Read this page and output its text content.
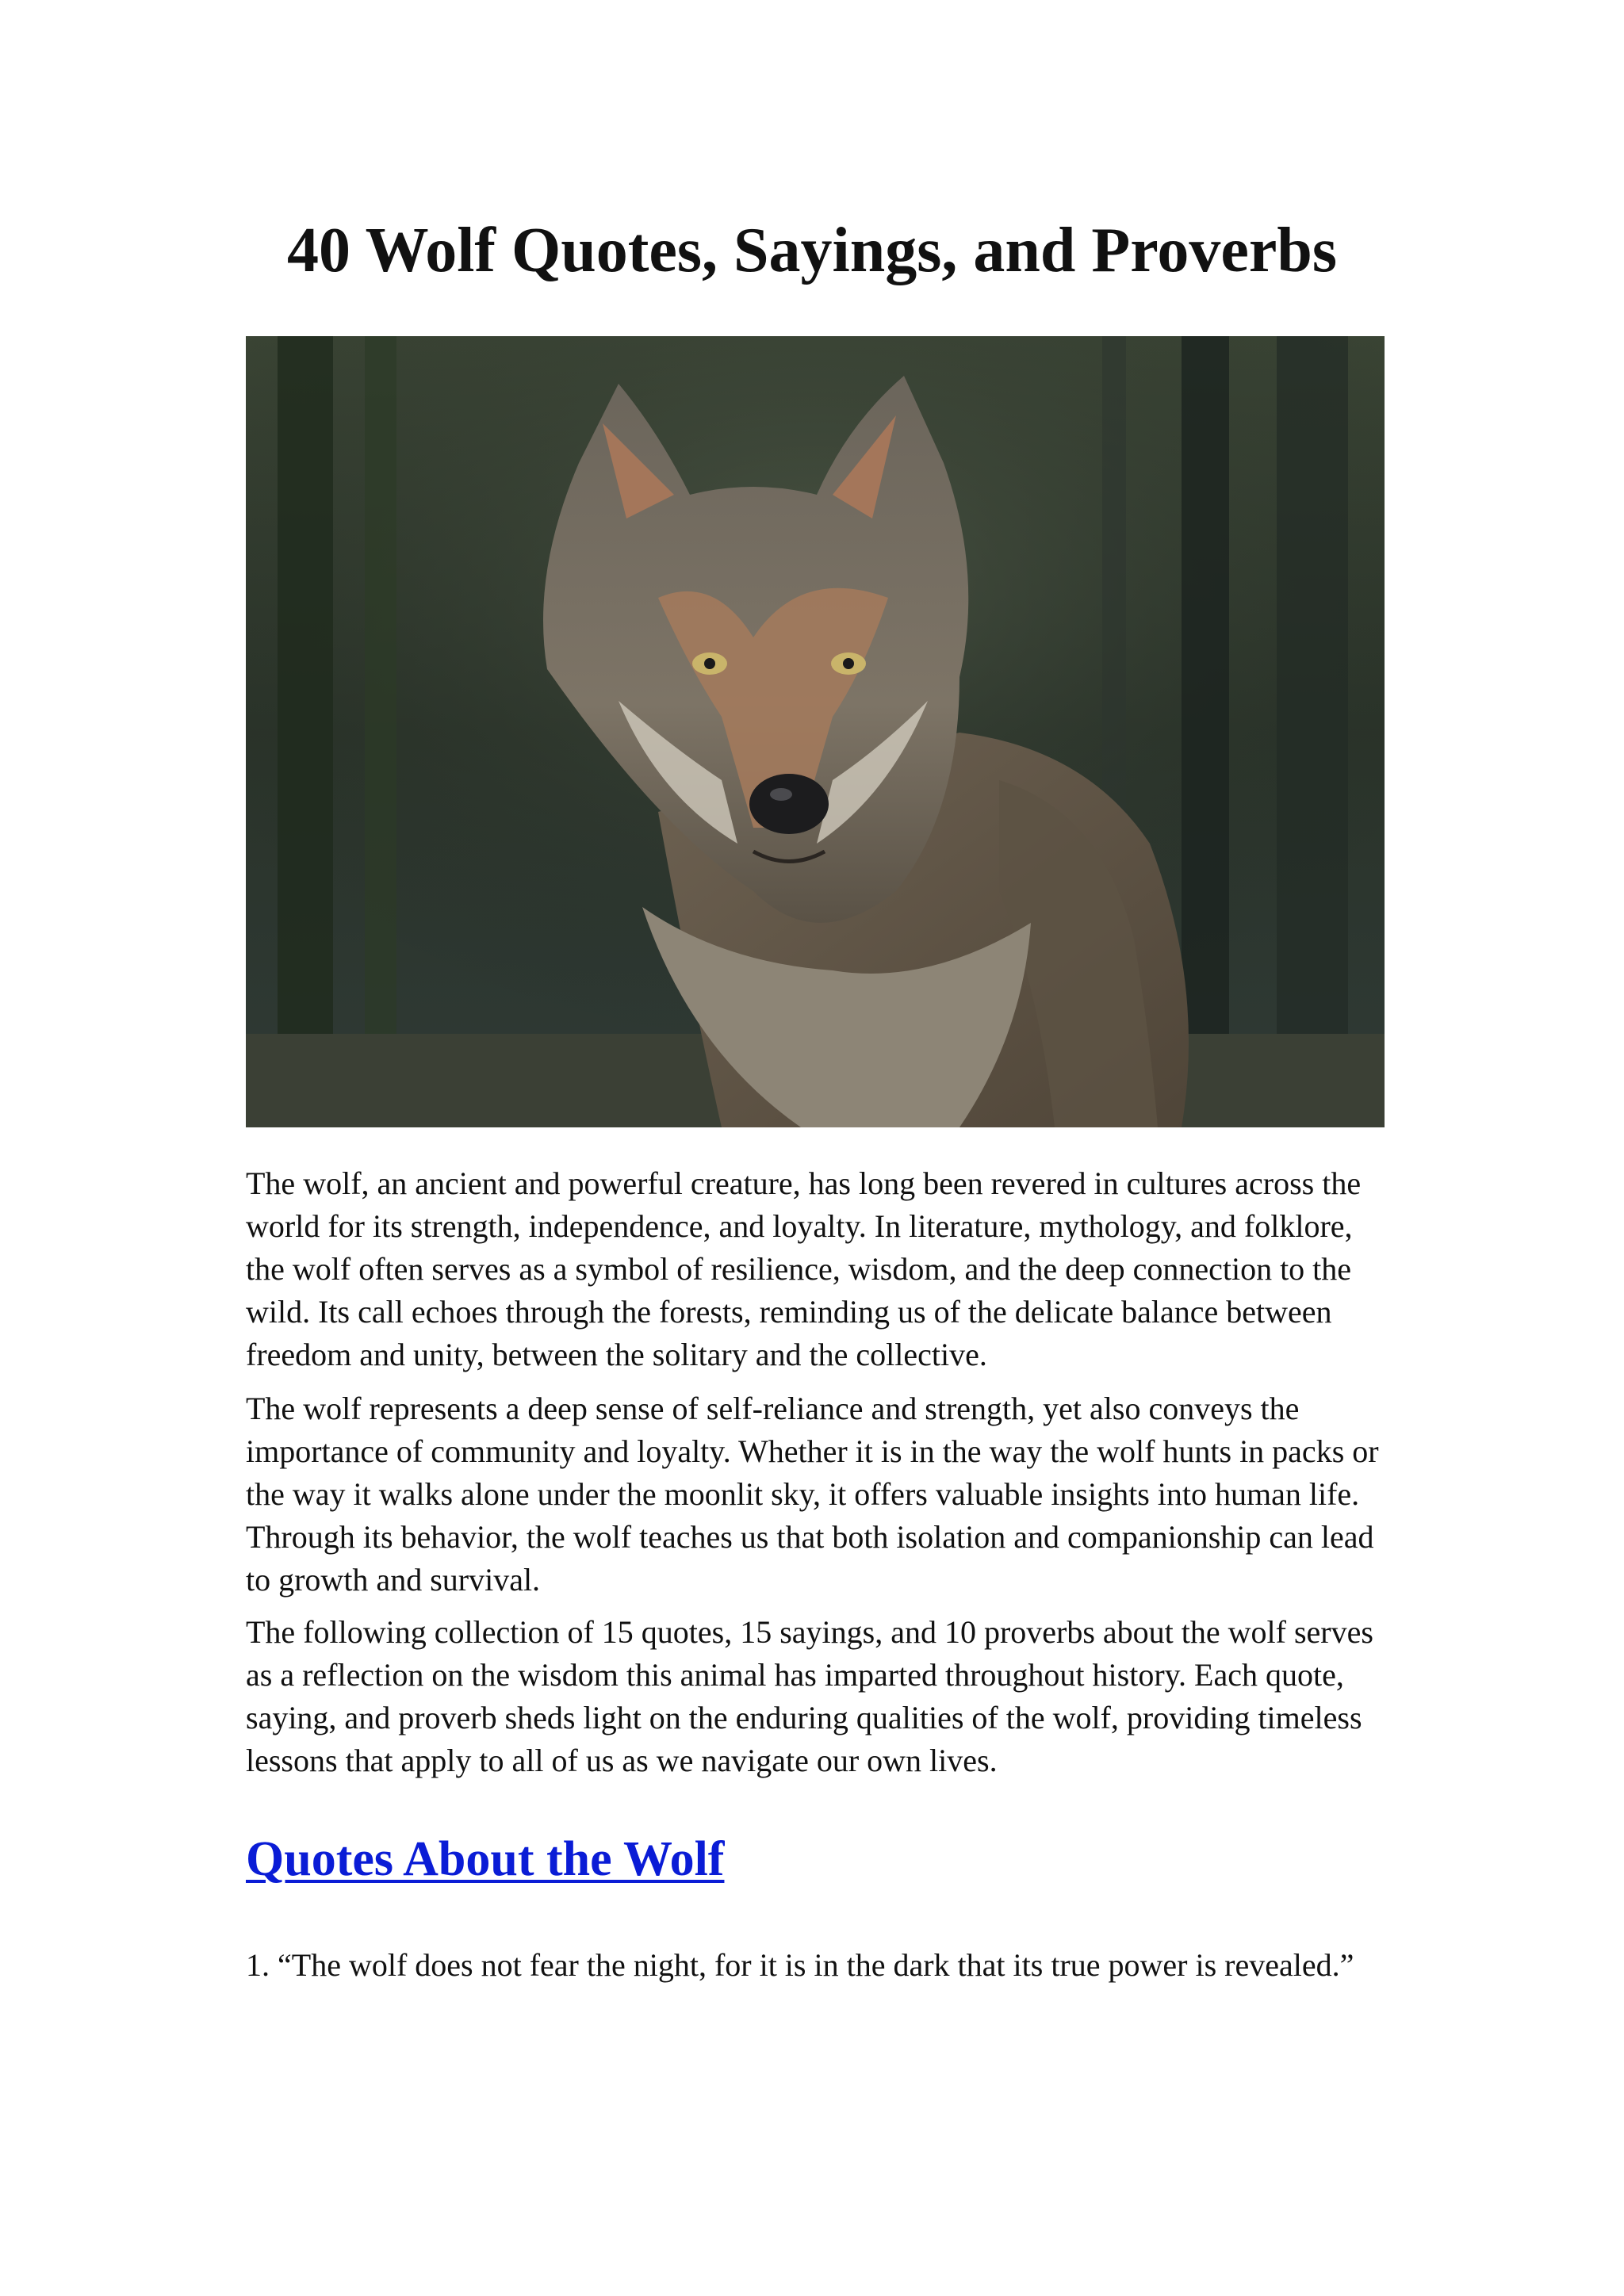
40 Wolf Quotes, Sayings, and Proverbs

The wolf, an ancient and powerful creature, has long been revered in cultures across the world for its strength, independence, and loyalty. In literature, mythology, and folklore, the wolf often serves as a symbol of resilience, wisdom, and the deep connection to the wild. Its call echoes through the forests, reminding us of the delicate balance between freedom and unity, between the solitary and the collective.

The wolf represents a deep sense of self-reliance and strength, yet also conveys the importance of community and loyalty. Whether it is in the way the wolf hunts in packs or the way it walks alone under the moonlit sky, it offers valuable insights into human life. Through its behavior, the wolf teaches us that both isolation and companionship can lead to growth and survival.

The following collection of 15 quotes, 15 sayings, and 10 proverbs about the wolf serves as a reflection on the wisdom this animal has imparted throughout history. Each quote, saying, and proverb sheds light on the enduring qualities of the wolf, providing timeless lessons that apply to all of us as we navigate our own lives.

Quotes About the Wolf

1. “The wolf does not fear the night, for it is in the dark that its true power is revealed.”
